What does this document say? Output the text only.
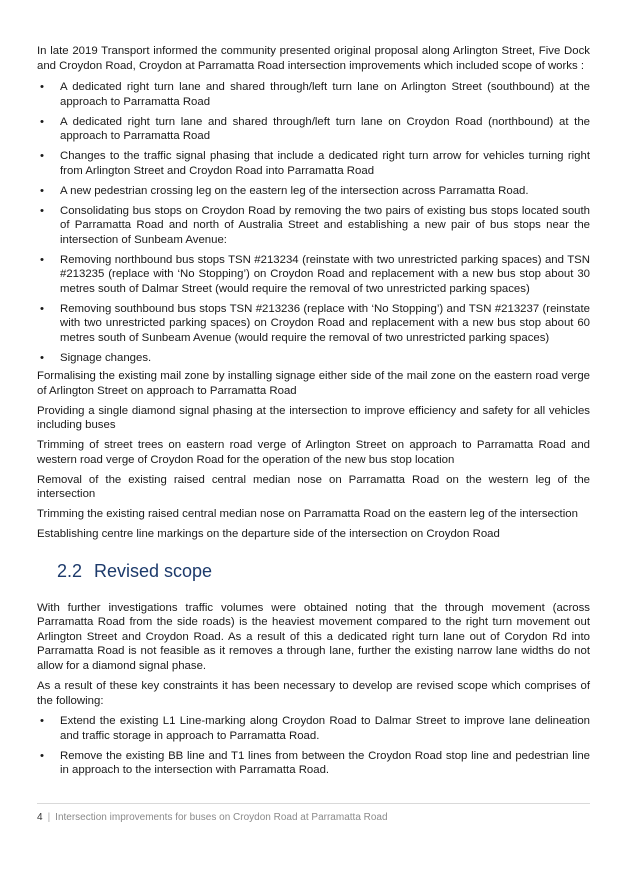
In late 2019 Transport informed the community presented original proposal along Arlington Street, Five Dock and Croydon Road, Croydon at Parramatta Road intersection improvements which included scope of works :

• A dedicated right turn lane and shared through/left turn lane on Arlington Street (southbound) at the approach to Parramatta Road
• A dedicated right turn lane and shared through/left turn lane on Croydon Road (northbound) at the approach to Parramatta Road
• Changes to the traffic signal phasing that include a dedicated right turn arrow for vehicles turning right from Arlington Street and Croydon Road into Parramatta Road
• A new pedestrian crossing leg on the eastern leg of the intersection across Parramatta Road.
• Consolidating bus stops on Croydon Road by removing the two pairs of existing bus stops located south of Parramatta Road and north of Australia Street and establishing a new pair of bus stops near the intersection of Sunbeam Avenue:
• Removing northbound bus stops TSN #213234 (reinstate with two unrestricted parking spaces) and TSN #213235 (replace with ‘No Stopping’) on Croydon Road and replacement with a new bus stop about 30 metres south of Dalmar Street (would require the removal of two unrestricted parking spaces)
• Removing southbound bus stops TSN #213236 (replace with ‘No Stopping’) and TSN #213237 (reinstate with two unrestricted parking spaces) on Croydon Road and replacement with a new bus stop about 60 metres south of Sunbeam Avenue (would require the removal of two unrestricted parking spaces)
• Signage changes.

Formalising the existing mail zone by installing signage either side of the mail zone on the eastern road verge of Arlington Street on approach to Parramatta Road

Providing a single diamond signal phasing at the intersection to improve efficiency and safety for all vehicles including buses

Trimming of street trees on eastern road verge of Arlington Street on approach to Parramatta Road and western road verge of Croydon Road for the operation of the new bus stop location

Removal of the existing raised central median nose on Parramatta Road on the western leg of the intersection

Trimming the existing raised central median nose on Parramatta Road on the eastern leg of the intersection

Establishing centre line markings on the departure side of the intersection on Croydon Road

2.2 Revised scope

With further investigations traffic volumes were obtained noting that the through movement (across Parramatta Road from the side roads) is the heaviest movement compared to the right turn movement out Arlington Street and Croydon Road. As a result of this a dedicated right turn lane out of Corydon Rd into Parramatta Road is not feasible as it removes a through lane, further the existing narrow lane widths do not allow for a diamond signal phase.

As a result of these key constraints it has been necessary to develop are revised scope which comprises of the following:

• Extend the existing L1 Line-marking along Croydon Road to Dalmar Street to improve lane delineation and traffic storage in approach to Parramatta Road.
• Remove the existing BB line and T1 lines from between the Croydon Road stop line and pedestrian line in approach to the intersection with Parramatta Road.
4 | Intersection improvements for buses on Croydon Road at Parramatta Road
